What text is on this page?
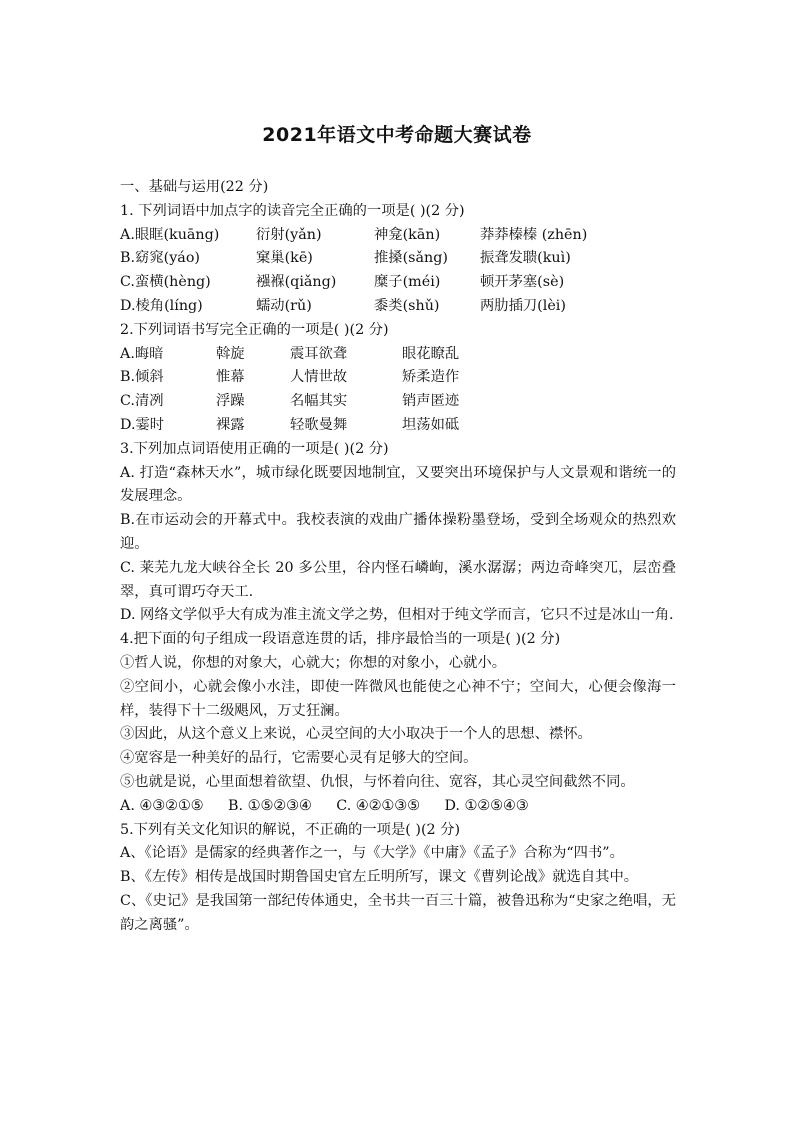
2021年语文中考命题大赛试卷
一、基础与运用(22 分)
1. 下列词语中加点字的读音完全正确的一项是( )(2 分)
A.眼眶(kuāng)	衍射(yǎn)	神龛(kān)	莽莽榛榛 (zhēn)
B.窈窕(yáo)	窠巢(kē)	推搡(sǎng)	振聋发聩(kuì)
C.蛮横(hèng)	襁褓(qiǎng)	糜子(méi)	顿开茅塞(sè)
D.棱角(líng)	蠕动(rǔ)	黍类(shǔ)	两肋插刀(lèi)
2.下列词语书写完全正确的一项是( )(2 分)
A.晦暗	斡旋	震耳欲聋	眼花瞭乱
B.倾斜	惟幕	人情世故	矫柔造作
C.清冽	浮躁	名幅其实	销声匿迹
D.霎时	裸露	轻歌曼舞	坦荡如砥
3.下列加点词语使用正确的一项是( )(2 分)
A. 打造“森林天水”，城市绿化既要因地制宜，又要突出环境保护与人文景观和谐统一的发展理念。
B.在市运动会的开幕式中。我校表演的戏曲广播体操粉墨登场，受到全场观众的热烈欢迎。
C. 莱芜九龙大峡谷全长 20 多公里，谷内怪石嶙峋，溪水潺潺；两边奇峰突兀，层峦叠翠，真可谓巧夺天工.
D. 网络文学似乎大有成为准主流文学之势，但相对于纯文学而言，它只不过是冰山一角.
4.把下面的句子组成一段语意连贯的话，排序最恰当的一项是( )(2 分)
①哲人说，你想的对象大，心就大；你想的对象小，心就小。
②空间小，心就会像小水洼，即使一阵微风也能使之心神不宁；空间大，心便会像海一样，装得下十二级飓风，万丈狂澜。
③因此，从这个意义上来说，心灵空间的大小取决于一个人的思想、襟怀。
④宽容是一种美好的品行，它需要心灵有足够大的空间。
⑤也就是说，心里面想着欲望、仇恨，与怀着向往、宽容，其心灵空间截然不同。
A. ④③②①⑤ B. ①⑤②③④ C. ④②①③⑤ D. ①②⑤④③
5.下列有关文化知识的解说，不正确的一项是( )(2 分)
A、《论语》是儒家的经典著作之一，与《大学》《中庸》《孟子》合称为“四书”。
B、《左传》相传是战国时期鲁国史官左丘明所写，课文《曹刿论战》就选自其中。
C、《史记》是我国第一部纪传体通史，全书共一百三十篇，被鲁迅称为“史家之绝唱，无韵之离骚”。
